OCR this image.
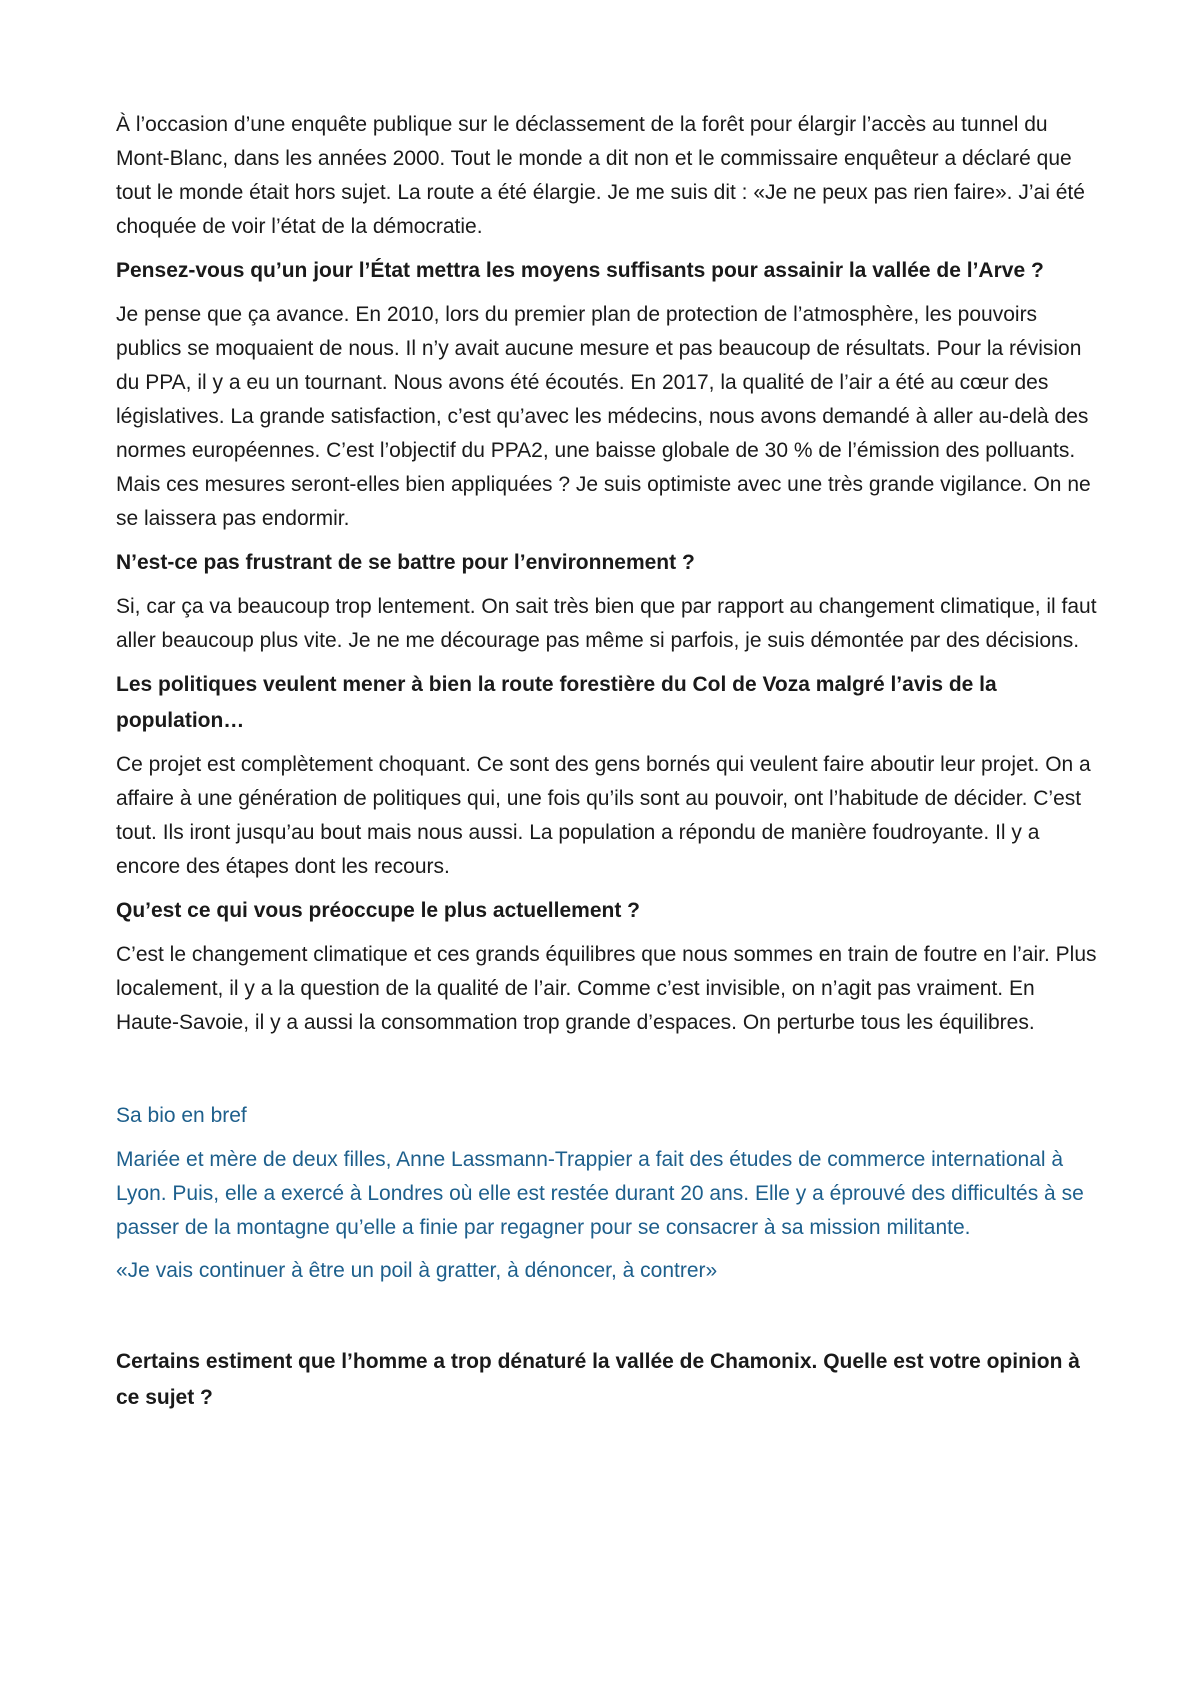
À l’occasion d’une enquête publique sur le déclassement de la forêt pour élargir l’accès au tunnel du Mont-Blanc, dans les années 2000. Tout le monde a dit non et le commissaire enquêteur a déclaré que tout le monde était hors sujet. La route a été élargie. Je me suis dit : «Je ne peux pas rien faire». J’ai été choquée de voir l’état de la démocratie.

Pensez-vous qu’un jour l’État mettra les moyens suffisants pour assainir la vallée de l’Arve ?

Je pense que ça avance. En 2010, lors du premier plan de protection de l’atmosphère, les pouvoirs publics se moquaient de nous. Il n’y avait aucune mesure et pas beaucoup de résultats. Pour la révision du PPA, il y a eu un tournant. Nous avons été écoutés. En 2017, la qualité de l’air a été au cœur des législatives. La grande satisfaction, c’est qu’avec les médecins, nous avons demandé à aller au-delà des normes européennes. C’est l’objectif du PPA2, une baisse globale de 30 % de l’émission des polluants. Mais ces mesures seront-elles bien appliquées ? Je suis optimiste avec une très grande vigilance. On ne se laissera pas endormir.

N’est-ce pas frustrant de se battre pour l’environnement ?

Si, car ça va beaucoup trop lentement. On sait très bien que par rapport au changement climatique, il faut aller beaucoup plus vite. Je ne me décourage pas même si parfois, je suis démontée par des décisions.

Les politiques veulent mener à bien la route forestière du Col de Voza malgré l’avis de la population…

Ce projet est complètement choquant. Ce sont des gens bornés qui veulent faire aboutir leur projet. On a affaire à une génération de politiques qui, une fois qu’ils sont au pouvoir, ont l’habitude de décider. C’est tout. Ils iront jusqu’au bout mais nous aussi. La population a répondu de manière foudroyante. Il y a encore des étapes dont les recours.

Qu’est ce qui vous préoccupe le plus actuellement ?

C’est le changement climatique et ces grands équilibres que nous sommes en train de foutre en l’air. Plus localement, il y a la question de la qualité de l’air. Comme c’est invisible, on n’agit pas vraiment. En Haute-Savoie, il y a aussi la consommation trop grande d’espaces. On perturbe tous les équilibres.

Sa bio en bref

Mariée et mère de deux filles, Anne Lassmann-Trappier a fait des études de commerce international à Lyon. Puis, elle a exercé à Londres où elle est restée durant 20 ans. Elle y a éprouvé des difficultés à se passer de la montagne qu’elle a finie par regagner pour se consacrer à sa mission militante.

«Je vais continuer à être un poil à gratter, à dénoncer, à contrer»

Certains estiment que l’homme a trop dénaturé la vallée de Chamonix. Quelle est votre opinion à ce sujet ?
